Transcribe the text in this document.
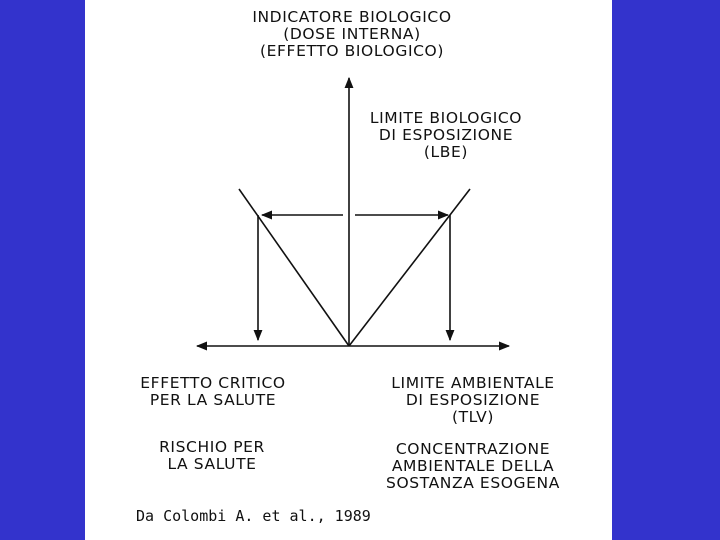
INDICATORE BIOLOGICO
(DOSE INTERNA)
(EFFETTO BIOLOGICO)
LIMITE BIOLOGICO
DI ESPOSIZIONE
(LBE)
EFFETTO CRITICO
PER LA SALUTE
RISCHIO PER
LA SALUTE
LIMITE AMBIENTALE
DI ESPOSIZIONE
(TLV)
CONCENTRAZIONE
AMBIENTALE DELLA
SOSTANZA ESOGENA

Da Colombi A. et al., 1989
